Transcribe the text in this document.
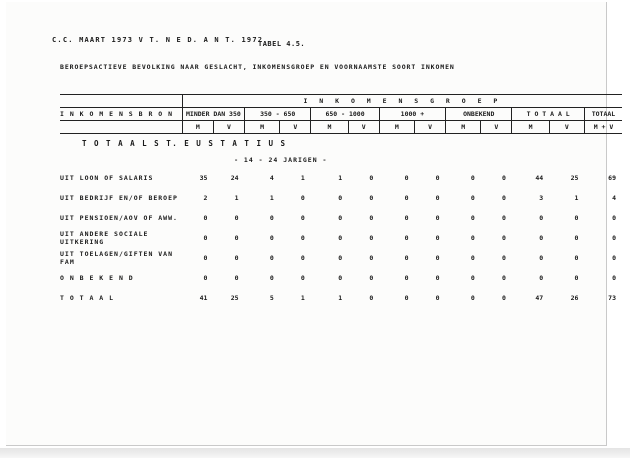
C.C. MAART 1973 V T. N E D. A N T. 1972
TABEL 4.5.
BEROEPSACTIEVE BEVOLKING NAAR GESLACHT, INKOMENSGROEP EN VOORNAAMSTE SOORT INKOMEN
	I N K O M E N S G R O E P												
I N K O M E N S B R O N	MINDER DAN 350		350 - 650		650 - 1000		1000 +		ONBEKEND		T O T A A L		TOTAAL
	M	V	M	V	M	V	M	V	M	V	M	V	M + V
T O T A A L S T. E U S T A T I U S													
	- 14 - 24 JARIGEN -												
UIT LOON OF SALARIS	35	24	4	1	1	0	0	0	0	0	44	25	69
UIT BEDRIJF EN/OF BEROEP	2	1	1	0	0	0	0	0	0	0	3	1	4
UIT PENSIOEN/AOV OF AWW.	0	0	0	0	0	0	0	0	0	0	0	0	0
UIT ANDERE SOCIALE UITKERING	0	0	0	0	0	0	0	0	0	0	0	0	0
UIT TOELAGEN/GIFTEN VAN FAM	0	0	0	0	0	0	0	0	0	0	0	0	0
O N B E K E N D	0	0	0	0	0	0	0	0	0	0	0	0	0
T O T A A L	41	25	5	1	1	0	0	0	0	0	47	26	73
